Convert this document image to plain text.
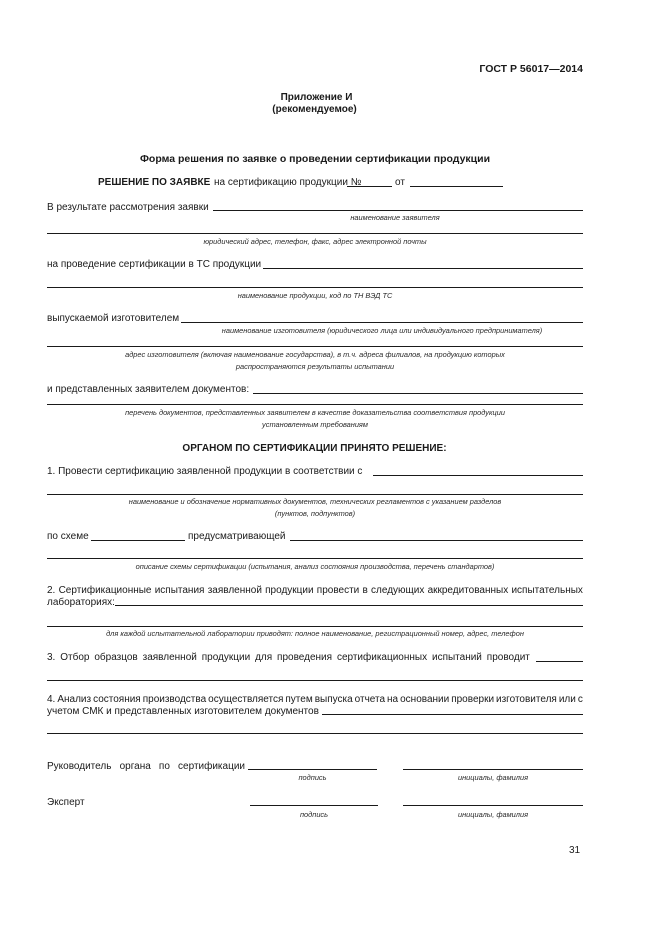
ГОСТ Р 56017—2014
Приложение И
(рекомендуемое)
Форма решения по заявке о проведении сертификации продукции
РЕШЕНИЕ ПО ЗАЯВКЕ на сертификацию продукции №	от
В результате рассмотрения заявки
наименование заявителя
юридический адрес, телефон, факс, адрес электронной почты
на проведение сертификации в ТС продукции
наименование продукции, код по ТН ВЭД ТС
выпускаемой изготовителем
наименование изготовителя (юридического лица или индивидуального предпринимателя)
адрес изготовителя (включая наименование государства), в т.ч. адреса филиалов, на продукцию которых
распространяются результаты испытании
и представленных заявителем документов:
перечень документов, представленных заявителем в качестве доказательства соответствия продукции
установленным требованиям
ОРГАНОМ ПО СЕРТИФИКАЦИИ ПРИНЯТО РЕШЕНИЕ:
1. Провести сертификацию заявленной продукции в соответствии с
наименование и обозначение нормативных документов, технических регламентов с указанием разделов
(пунктов, подпунктов)
по схеме	предусматривающей
описание схемы сертификации (испытания, анализ состояния производства, перечень стандартов)
2. Сертификационные испытания заявленной продукции провести в следующих аккредитованных испытательных
лабораториях:
для каждой испытательной лаборатории приводят: полное наименование, регистрационный номер, адрес, телефон
3. Отбор образцов заявленной продукции для проведения сертификационных испытаний проводит
4. Анализ состояния производства осуществляется путем выпуска отчета на основании проверки изготовителя или с
учетом СМК и представленных изготовителем документов
Руководитель органа по сертификации
подпись	инициалы, фамилия
Эксперт
подпись	инициалы, фамилия
31
